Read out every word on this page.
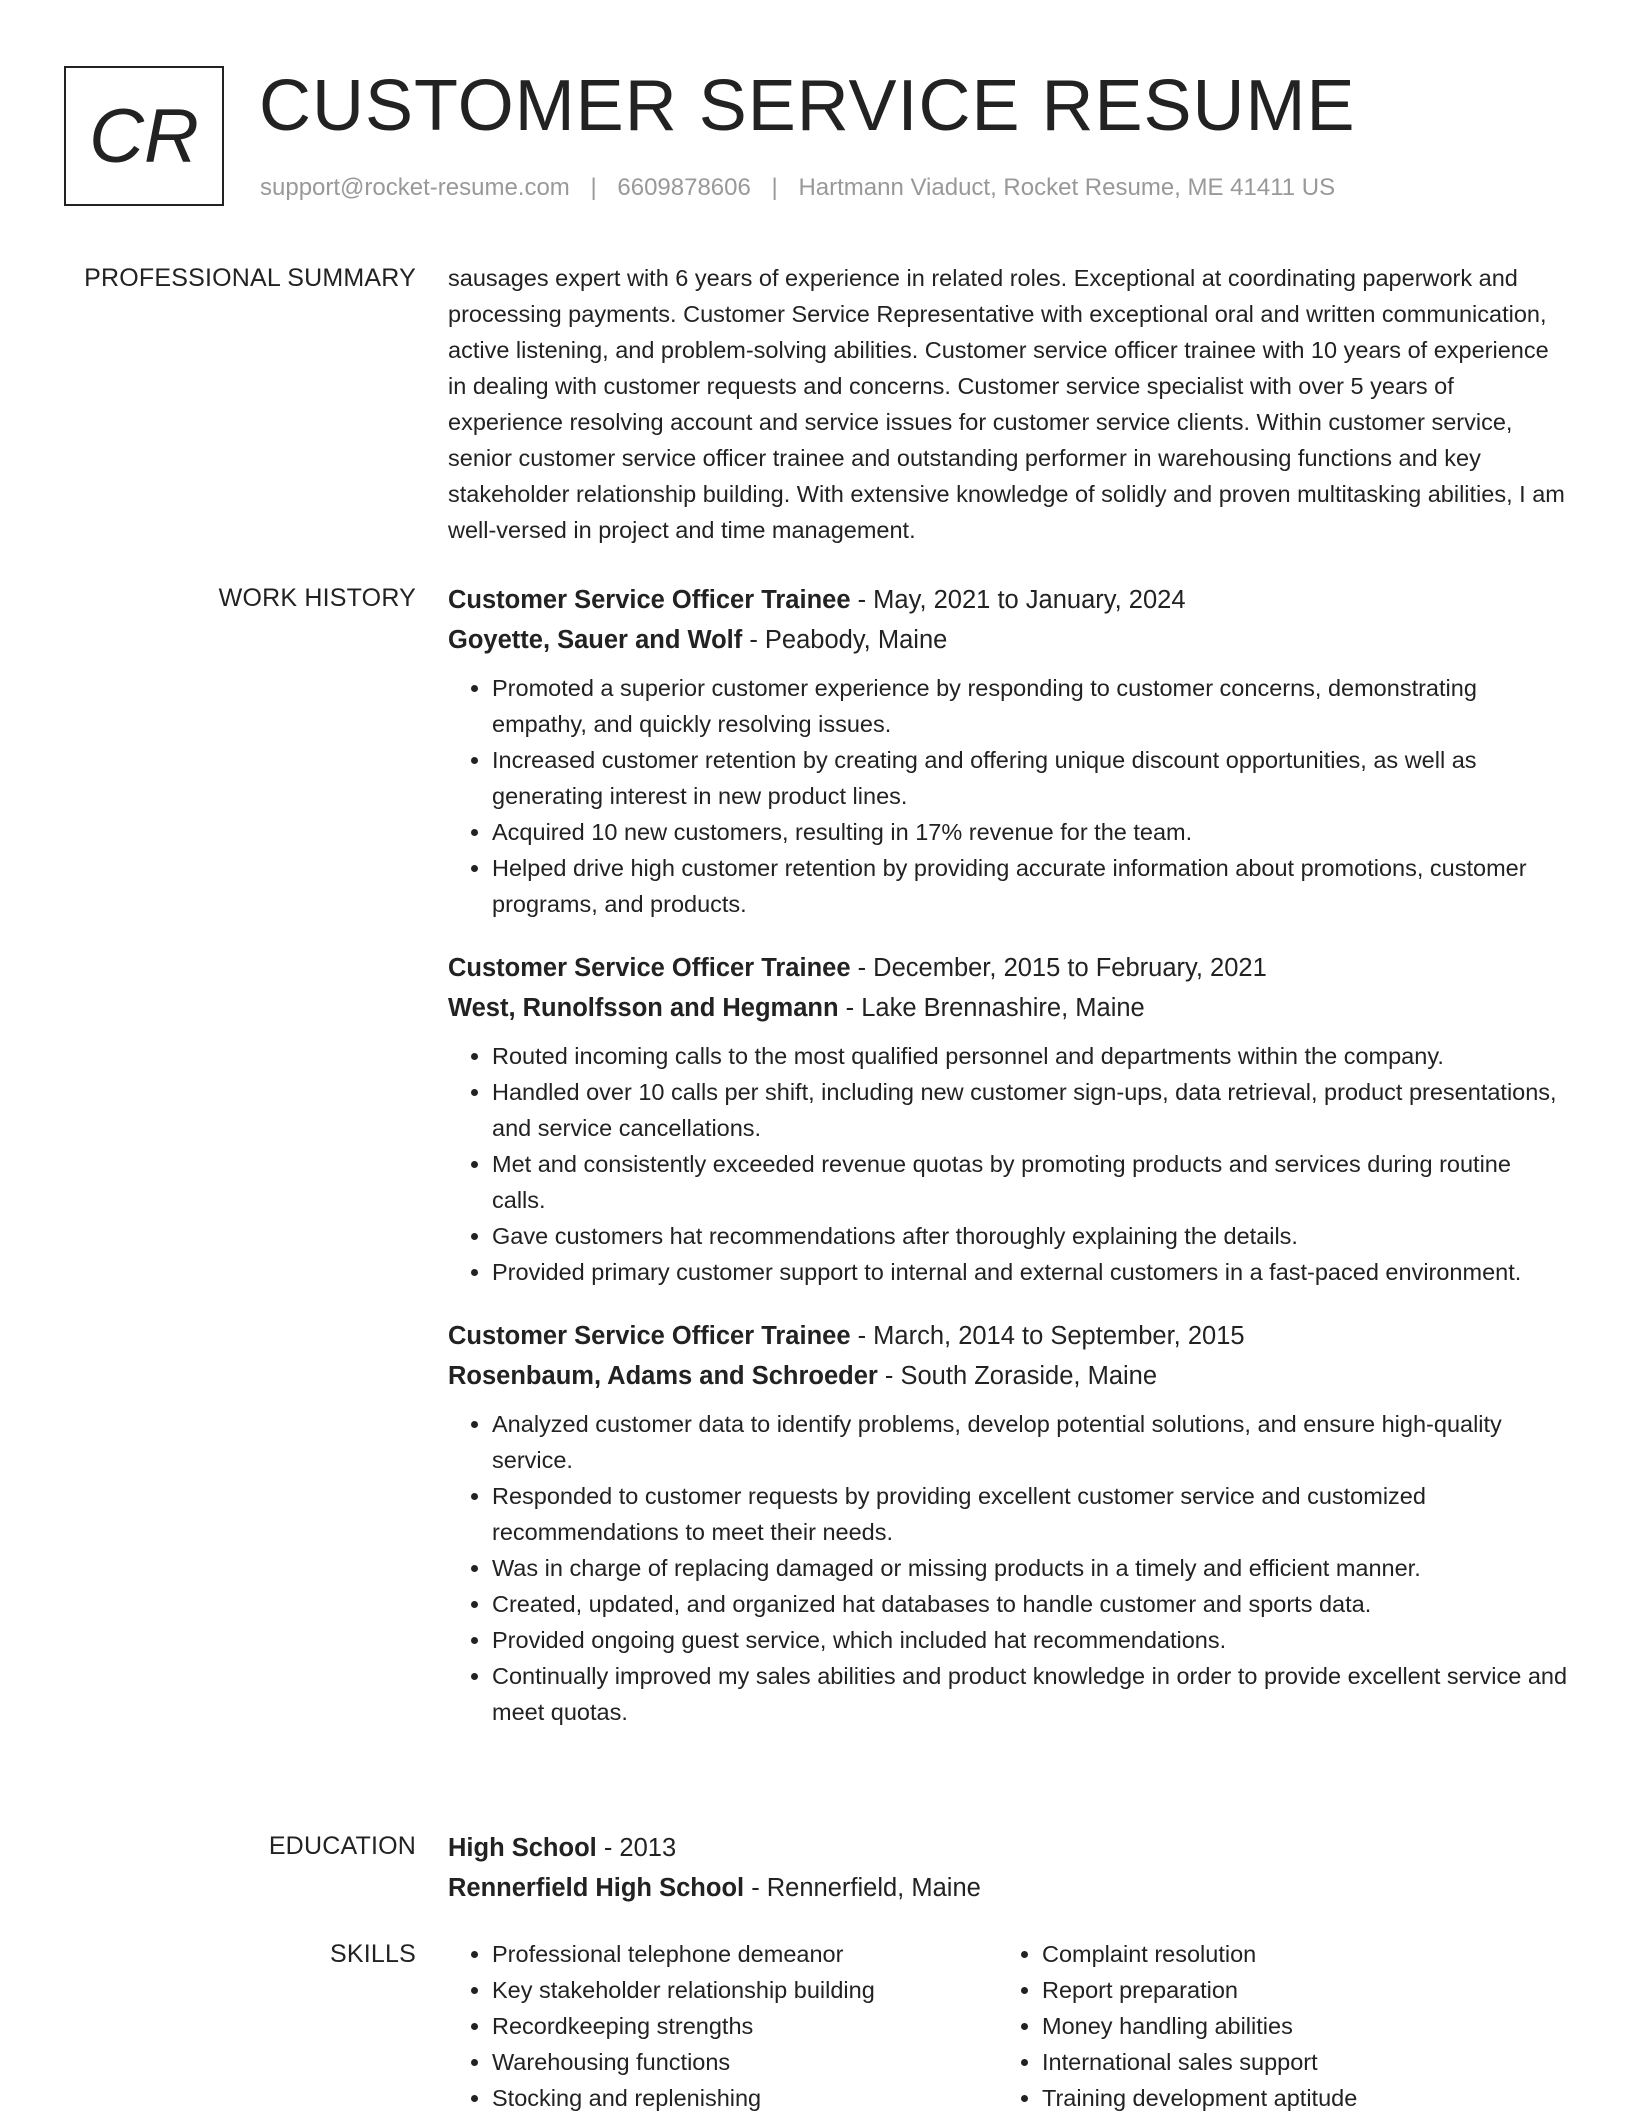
CR CUSTOMER SERVICE RESUME
support@rocket-resume.com | 6609878606 | Hartmann Viaduct, Rocket Resume, ME 41411 US
PROFESSIONAL SUMMARY sausages expert with 6 years of experience in related roles. Exceptional at coordinating paperwork and processing payments. Customer Service Representative with exceptional oral and written communication, active listening, and problem-solving abilities. Customer service officer trainee with 10 years of experience in dealing with customer requests and concerns. Customer service specialist with over 5 years of experience resolving account and service issues for customer service clients. Within customer service, senior customer service officer trainee and outstanding performer in warehousing functions and key stakeholder relationship building. With extensive knowledge of solidly and proven multitasking abilities, I am well-versed in project and time management.
WORK HISTORY Customer Service Officer Trainee - May, 2021 to January, 2024

Goyette, Sauer and Wolf - Peabody, Maine

• Promoted a superior customer experience by responding to customer concerns, demonstrating empathy, and quickly resolving issues.
• Increased customer retention by creating and offering unique discount opportunities, as well as generating interest in new product lines.
• Acquired 10 new customers, resulting in 17% revenue for the team.
• Helped drive high customer retention by providing accurate information about promotions, customer programs, and products.

Customer Service Officer Trainee - December, 2015 to February, 2021

West, Runolfsson and Hegmann - Lake Brennashire, Maine

• Routed incoming calls to the most qualified personnel and departments within the company.
• Handled over 10 calls per shift, including new customer sign-ups, data retrieval, product presentations, and service cancellations.
• Met and consistently exceeded revenue quotas by promoting products and services during routine calls.
• Gave customers hat recommendations after thoroughly explaining the details.
• Provided primary customer support to internal and external customers in a fast-paced environment.

Customer Service Officer Trainee - March, 2014 to September, 2015

Rosenbaum, Adams and Schroeder - South Zoraside, Maine

• Analyzed customer data to identify problems, develop potential solutions, and ensure high-quality service.
• Responded to customer requests by providing excellent customer service and customized recommendations to meet their needs.
• Was in charge of replacing damaged or missing products in a timely and efficient manner.
• Created, updated, and organized hat databases to handle customer and sports data.
• Provided ongoing guest service, which included hat recommendations.
• Continually improved my sales abilities and product knowledge in order to provide excellent service and meet quotas.
EDUCATION High School - 2013

Rennerfield High School - Rennerfield, Maine

SKILLS
•	Professional telephone demeanor
• Key stakeholder relationship building
• Recordkeeping strengths
• Warehousing functions
• Stocking and replenishing
• Complaint resolution
• Report preparation
• Money handling abilities
• International sales support
• Training development aptitude
